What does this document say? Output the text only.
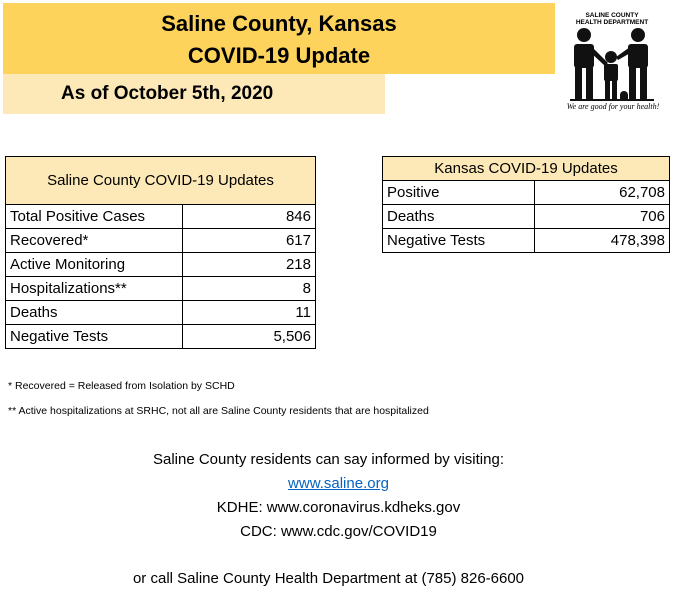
Saline County, Kansas
COVID-19 Update
As of October 5th, 2020
SALINE COUNTY
HEALTH DEPARTMENT
We are good for your health!
Saline County COVID-19 Updates	
Total Positive Cases	846
Recovered*	617
Active Monitoring	218
Hospitalizations**	8
Deaths	11
Negative Tests	5,506
Kansas COVID-19 Updates	
Positive	62,708
Deaths	706
Negative Tests	478,398
* Recovered = Released from Isolation by SCHD
** Active hospitalizations at SRHC, not all are Saline County residents that are hospitalized
Saline County residents can say informed by visiting:
www.saline.org
KDHE: www.coronavirus.kdheks.gov
CDC: www.cdc.gov/COVID19
or call Saline County Health Department at (785) 826-6600
